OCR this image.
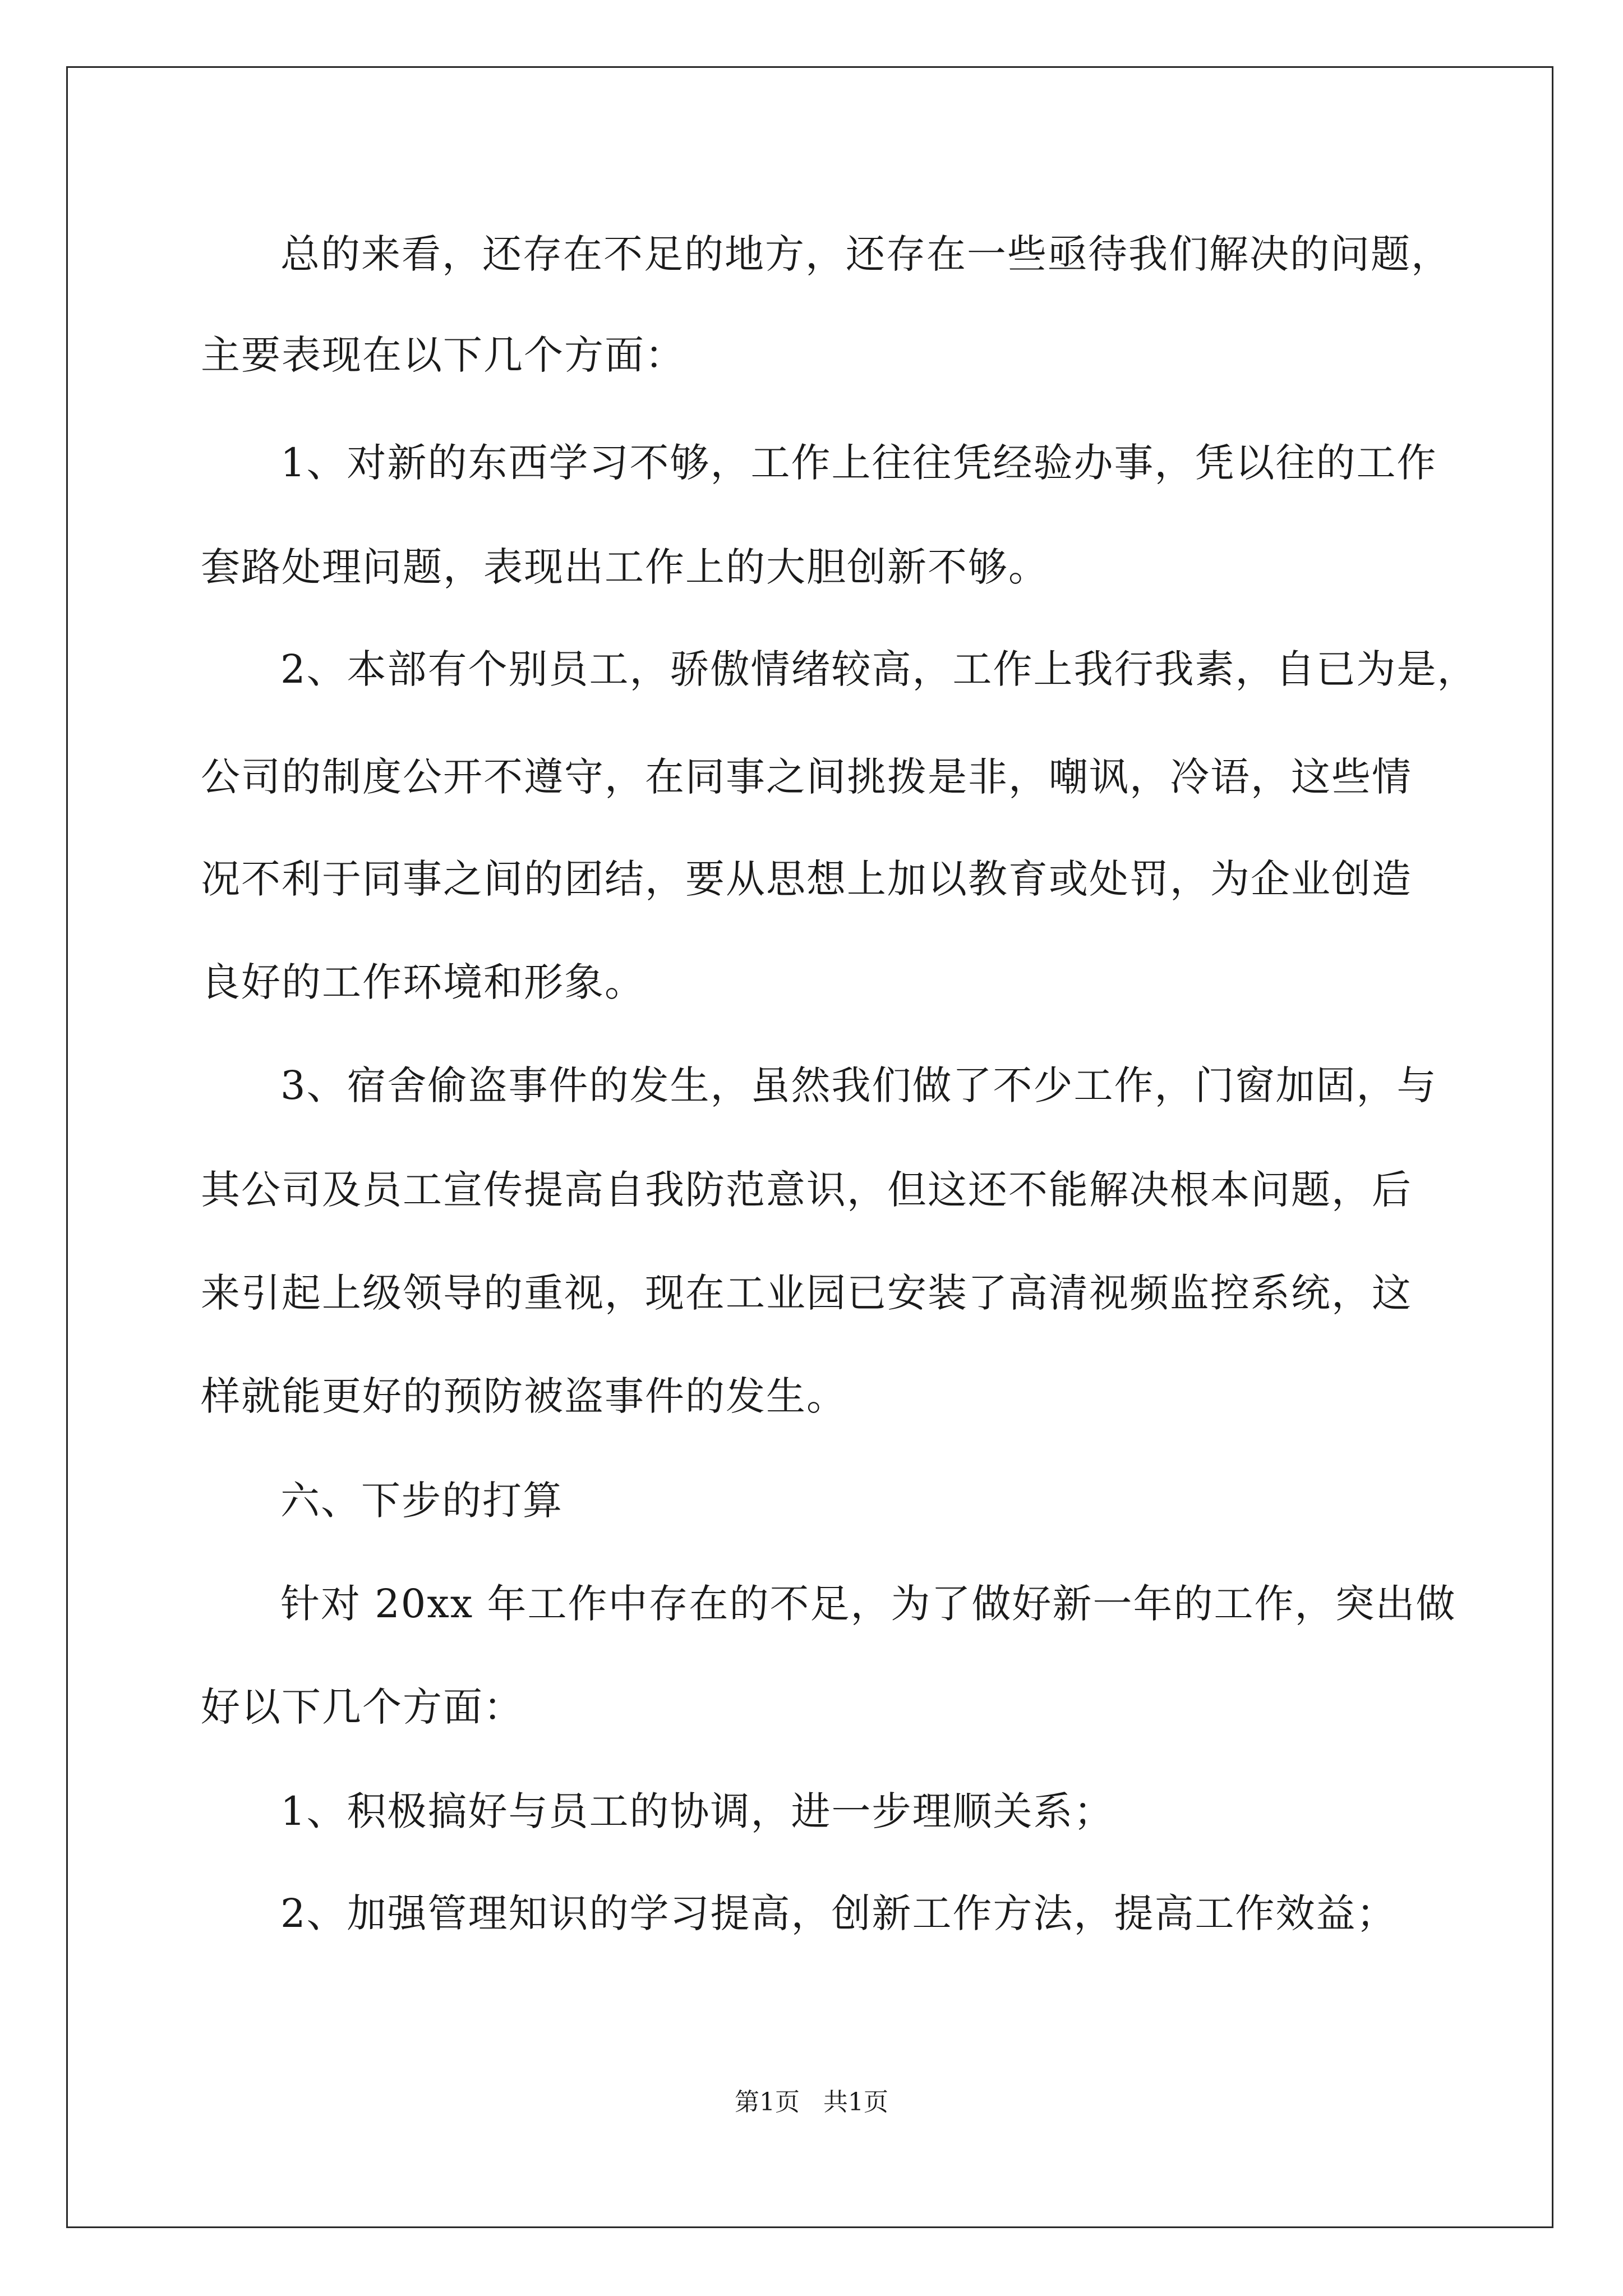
总的来看，还存在不足的地方，还存在一些亟待我们解决的问题，
主要表现在以下几个方面：
1、对新的东西学习不够，工作上往往凭经验办事，凭以往的工作
套路处理问题，表现出工作上的大胆创新不够。
2、本部有个别员工，骄傲情绪较高，工作上我行我素，自已为是，
公司的制度公开不遵守，在同事之间挑拨是非，嘲讽，冷语，这些情
况不利于同事之间的团结，要从思想上加以教育或处罚，为企业创造
良好的工作环境和形象。
3、宿舍偷盗事件的发生，虽然我们做了不少工作，门窗加固，与
其公司及员工宣传提高自我防范意识，但这还不能解决根本问题，后
来引起上级领导的重视，现在工业园已安装了高清视频监控系统，这
样就能更好的预防被盗事件的发生。
六、下步的打算
针对 20xx 年工作中存在的不足，为了做好新一年的工作，突出做
好以下几个方面：
1、积极搞好与员工的协调，进一步理顺关系；
2、加强管理知识的学习提高，创新工作方法，提高工作效益；
第1页   共1页
